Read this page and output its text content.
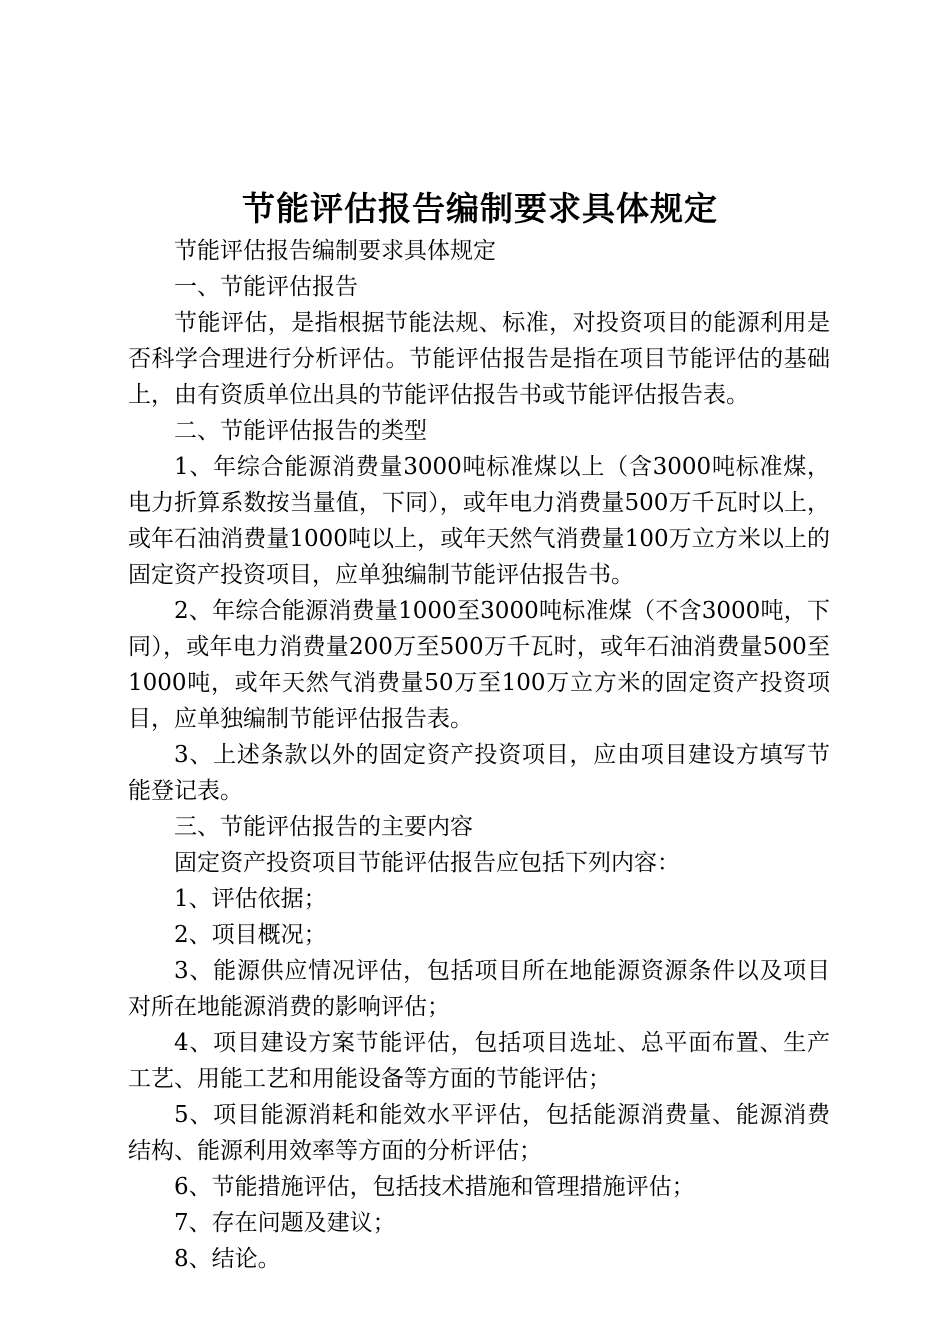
节能评估报告编制要求具体规定

节能评估报告编制要求具体规定

一、节能评估报告

节能评估，是指根据节能法规、标准，对投资项目的能源利用是否科学合理进行分析评估。节能评估报告是指在项目节能评估的基础上，由有资质单位出具的节能评估报告书或节能评估报告表。

二、节能评估报告的类型

1、年综合能源消费量3000吨标准煤以上（含3000吨标准煤，电力折算系数按当量值，下同），或年电力消费量500万千瓦时以上，或年石油消费量1000吨以上，或年天然气消费量100万立方米以上的固定资产投资项目，应单独编制节能评估报告书。

2、年综合能源消费量1000至3000吨标准煤（不含3000吨，下同），或年电力消费量200万至500万千瓦时，或年石油消费量500至1000吨，或年天然气消费量50万至100万立方米的固定资产投资项目，应单独编制节能评估报告表。

3、上述条款以外的固定资产投资项目，应由项目建设方填写节能登记表。

三、节能评估报告的主要内容

固定资产投资项目节能评估报告应包括下列内容：

1、评估依据；

2、项目概况；

3、能源供应情况评估，包括项目所在地能源资源条件以及项目对所在地能源消费的影响评估；

4、项目建设方案节能评估，包括项目选址、总平面布置、生产工艺、用能工艺和用能设备等方面的节能评估；

5、项目能源消耗和能效水平评估，包括能源消费量、能源消费结构、能源利用效率等方面的分析评估；

6、节能措施评估，包括技术措施和管理措施评估；

7、存在问题及建议；

8、结论。
